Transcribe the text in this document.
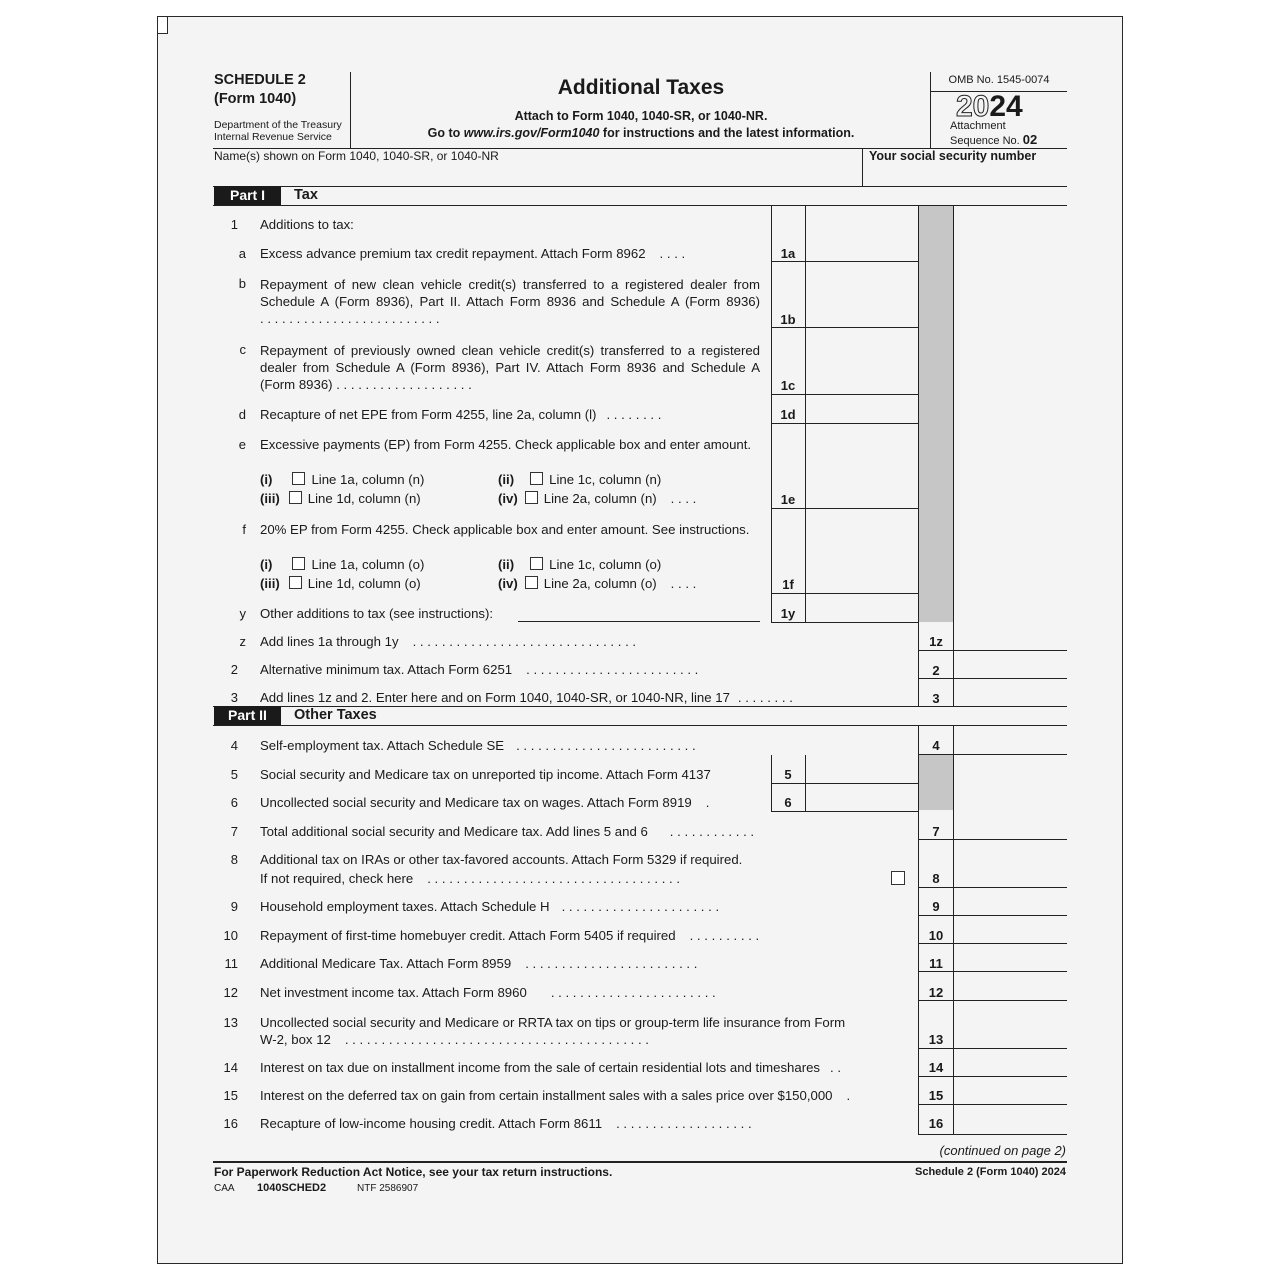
SCHEDULE 2
(Form 1040)
Department of the Treasury
Internal Revenue Service
Additional Taxes
Attach to Form 1040, 1040-SR, or 1040-NR.
Go to www.irs.gov/Form1040 for instructions and the latest information.
OMB No. 1545-0074
2024
Attachment
Sequence No. 02
Name(s) shown on Form 1040, 1040-SR, or 1040-NR	Your social security number
Part I	Tax
1 Additions to tax:
a Excess advance premium tax credit repayment. Attach Form 8962 . . . .	1a
b Repayment of new clean vehicle credit(s) transferred to a registered dealer from Schedule A (Form 8936), Part II. Attach Form 8936 and Schedule A (Form 8936) . . . . . . . . . . . . . . . . . . . . . . . . .	1b
c Repayment of previously owned clean vehicle credit(s) transferred to a registered dealer from Schedule A (Form 8936), Part IV. Attach Form 8936 and Schedule A (Form 8936) . . . . . . . . . . . . . . . . . . .	1c
d Recapture of net EPE from Form 4255, line 2a, column (l) . . . . . . . .	1d
e Excessive payments (EP) from Form 4255. Check applicable box and enter amount.
(i)	Line 1a, column (n)	(ii)	Line 1c, column (n)
(iii) Line 1d, column (n)	(iv) Line 2a, column (n) . . . .	1e
f 20% EP from Form 4255. Check applicable box and enter amount. See instructions.
(i)	Line 1a, column (o)	(ii)	Line 1c, column (o)
(iii) Line 1d, column (o)	(iv) Line 2a, column (o) . . . .	1f
y Other additions to tax (see instructions):	1y
z Add lines 1a through 1y . . . . . . . . . . . . . . . . . . . . . . . . . . . . . . .	1z
2 Alternative minimum tax. Attach Form 6251 . . . . . . . . . . . . . . . . . . . . . . . .	2
3 Add lines 1z and 2. Enter here and on Form 1040, 1040-SR, or 1040-NR, line 17 . . . . . . . .	3
Part II	Other Taxes
4 Self-employment tax. Attach Schedule SE . . . . . . . . . . . . . . . . . . . . . . . . .	4
5 Social security and Medicare tax on unreported tip income. Attach Form 4137	5
6 Uncollected social security and Medicare tax on wages. Attach Form 8919 .	6
7 Total additional social security and Medicare tax. Add lines 5 and 6 . . . . . . . . . . . .	7
8 Additional tax on IRAs or other tax-favored accounts. Attach Form 5329 if required.
If not required, check here . . . . . . . . . . . . . . . . . . . . . . . . . . . . . . . . . . .	8
9 Household employment taxes. Attach Schedule H . . . . . . . . . . . . . . . . . . . . . .	9
10 Repayment of first-time homebuyer credit. Attach Form 5405 if required . . . . . . . . . .	10
11 Additional Medicare Tax. Attach Form 8959 . . . . . . . . . . . . . . . . . . . . . . . .	11
12 Net investment income tax. Attach Form 8960 . . . . . . . . . . . . . . . . . . . . . . .	12
13 Uncollected social security and Medicare or RRTA tax on tips or group-term life insurance from Form
W-2, box 12 . . . . . . . . . . . . . . . . . . . . . . . . . . . . . . . . . . . . . . . . . .	13
14 Interest on tax due on installment income from the sale of certain residential lots and timeshares . .	14
15 Interest on the deferred tax on gain from certain installment sales with a sales price over $150,000 .	15
16 Recapture of low-income housing credit. Attach Form 8611 . . . . . . . . . . . . . . . . . . .	16
(continued on page 2)
For Paperwork Reduction Act Notice, see your tax return instructions.	Schedule 2 (Form 1040) 2024
CAA 1040SCHED2	NTF 2586907
